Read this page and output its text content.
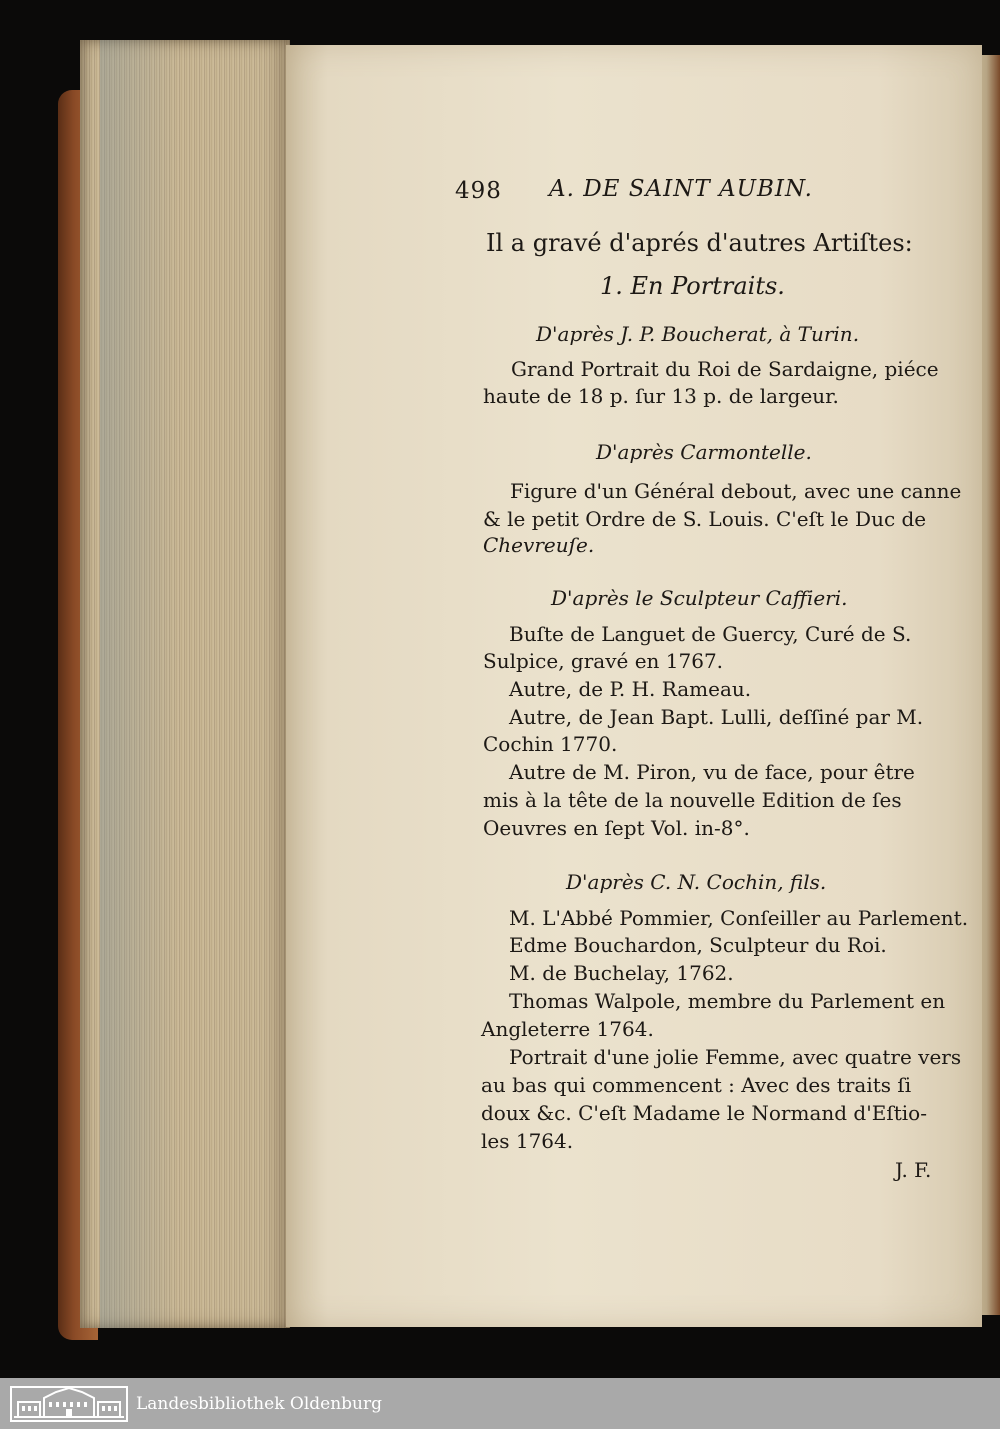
498 A. DE SAINT AUBIN.
Il a gravé d'aprés d'autres Artiſtes:
1. En Portraits.
D'après J. P. Boucherat, à Turin.
Grand Portrait du Roi de Sardaigne, piéce
haute de 18 p. ſur 13 p. de largeur.
D'après Carmontelle.
Figure d'un Général debout, avec une canne
& le petit Ordre de S. Louis. C'eſt le Duc de
Chevreuſe.
D'après le Sculpteur Caffieri.
Buſte de Languet de Guercy, Curé de S.
Sulpice, gravé en 1767.
Autre, de P. H. Rameau.
Autre, de Jean Bapt. Lulli, deſſiné par M.
Cochin 1770.
Autre de M. Piron, vu de face, pour être
mis à la tête de la nouvelle Edition de ſes
Oeuvres en ſept Vol. in-8°.
D'après C. N. Cochin, fils.
M. L'Abbé Pommier, Conſeiller au Parlement.
Edme Bouchardon, Sculpteur du Roi.
M. de Buchelay, 1762.
Thomas Walpole, membre du Parlement en
Angleterre 1764.
Portrait d'une jolie Femme, avec quatre vers
au bas qui commencent : Avec des traits ſi
doux &c. C'eſt Madame le Normand d'Eſtio-
les 1764.
J. F.
Landesbibliothek Oldenburg
